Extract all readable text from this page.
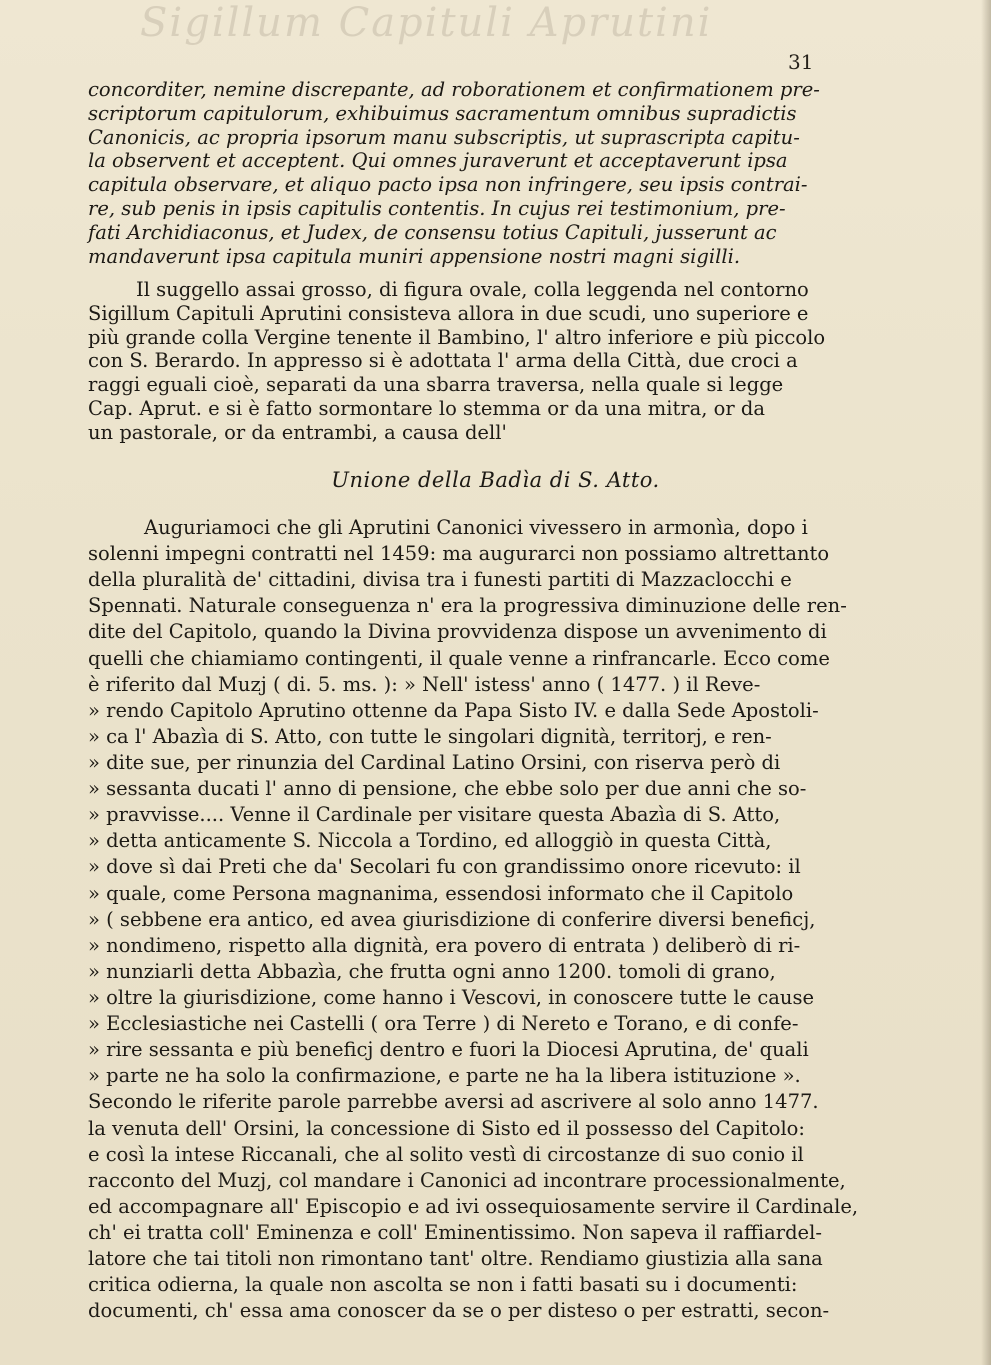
Sigillum Capituli Aprutini
31
concorditer, nemine discrepante, ad roborationem et confirmationem pre-
scriptorum capitulorum, exhibuimus sacramentum omnibus supradictis
Canonicis, ac propria ipsorum manu subscriptis, ut suprascripta capitu-
la observent et acceptent. Qui omnes juraverunt et acceptaverunt ipsa
capitula observare, et aliquo pacto ipsa non infringere, seu ipsis contrai-
re, sub penis in ipsis capitulis contentis. In cujus rei testimonium, pre-
fati Archidiaconus, et Judex, de consensu totius Capituli, jusserunt ac
mandaverunt ipsa capitula muniri appensione nostri magni sigilli.
Il suggello assai grosso, di figura ovale, colla leggenda nel contorno
Sigillum Capituli Aprutini consisteva allora in due scudi, uno superiore e
più grande colla Vergine tenente il Bambino, l' altro inferiore e più piccolo
con S. Berardo. In appresso si è adottata l' arma della Città, due croci a
raggi eguali cioè, separati da una sbarra traversa, nella quale si legge
Cap. Aprut. e si è fatto sormontare lo stemma or da una mitra, or da
un pastorale, or da entrambi, a causa dell'
Unione della Badìa di S. Atto.
Auguriamoci che gli Aprutini Canonici vivessero in armonìa, dopo i
solenni impegni contratti nel 1459: ma augurarci non possiamo altrettanto
della pluralità de' cittadini, divisa tra i funesti partiti di Mazzaclocchi e
Spennati. Naturale conseguenza n' era la progressiva diminuzione delle ren-
dite del Capitolo, quando la Divina provvidenza dispose un avvenimento di
quelli che chiamiamo contingenti, il quale venne a rinfrancarle. Ecco come
è riferito dal Muzj ( di. 5. ms. ): » Nell' istess' anno ( 1477. ) il Reve-
» rendo Capitolo Aprutino ottenne da Papa Sisto IV. e dalla Sede Apostoli-
» ca l' Abazìa di S. Atto, con tutte le singolari dignità, territorj, e ren-
» dite sue, per rinunzia del Cardinal Latino Orsini, con riserva però di
» sessanta ducati l' anno di pensione, che ebbe solo per due anni che so-
» pravvisse.... Venne il Cardinale per visitare questa Abazìa di S. Atto,
» detta anticamente S. Niccola a Tordino, ed alloggiò in questa Città,
» dove sì dai Preti che da' Secolari fu con grandissimo onore ricevuto: il
» quale, come Persona magnanima, essendosi informato che il Capitolo
» ( sebbene era antico, ed avea giurisdizione di conferire diversi beneficj,
» nondimeno, rispetto alla dignità, era povero di entrata ) deliberò di ri-
» nunziarli detta Abbazìa, che frutta ogni anno 1200. tomoli di grano,
» oltre la giurisdizione, come hanno i Vescovi, in conoscere tutte le cause
» Ecclesiastiche nei Castelli ( ora Terre ) di Nereto e Torano, e di confe-
» rire sessanta e più beneficj dentro e fuori la Diocesi Aprutina, de' quali
» parte ne ha solo la confirmazione, e parte ne ha la libera istituzione ».
Secondo le riferite parole parrebbe aversi ad ascrivere al solo anno 1477.
la venuta dell' Orsini, la concessione di Sisto ed il possesso del Capitolo:
e così la intese Riccanali, che al solito vestì di circostanze di suo conio il
racconto del Muzj, col mandare i Canonici ad incontrare processionalmente,
ed accompagnare all' Episcopio e ad ivi ossequiosamente servire il Cardinale,
ch' ei tratta coll' Eminenza e coll' Eminentissimo. Non sapeva il raffiardel-
latore che tai titoli non rimontano tant' oltre. Rendiamo giustizia alla sana
critica odierna, la quale non ascolta se non i fatti basati su i documenti:
documenti, ch' essa ama conoscer da se o per disteso o per estratti, secon-
